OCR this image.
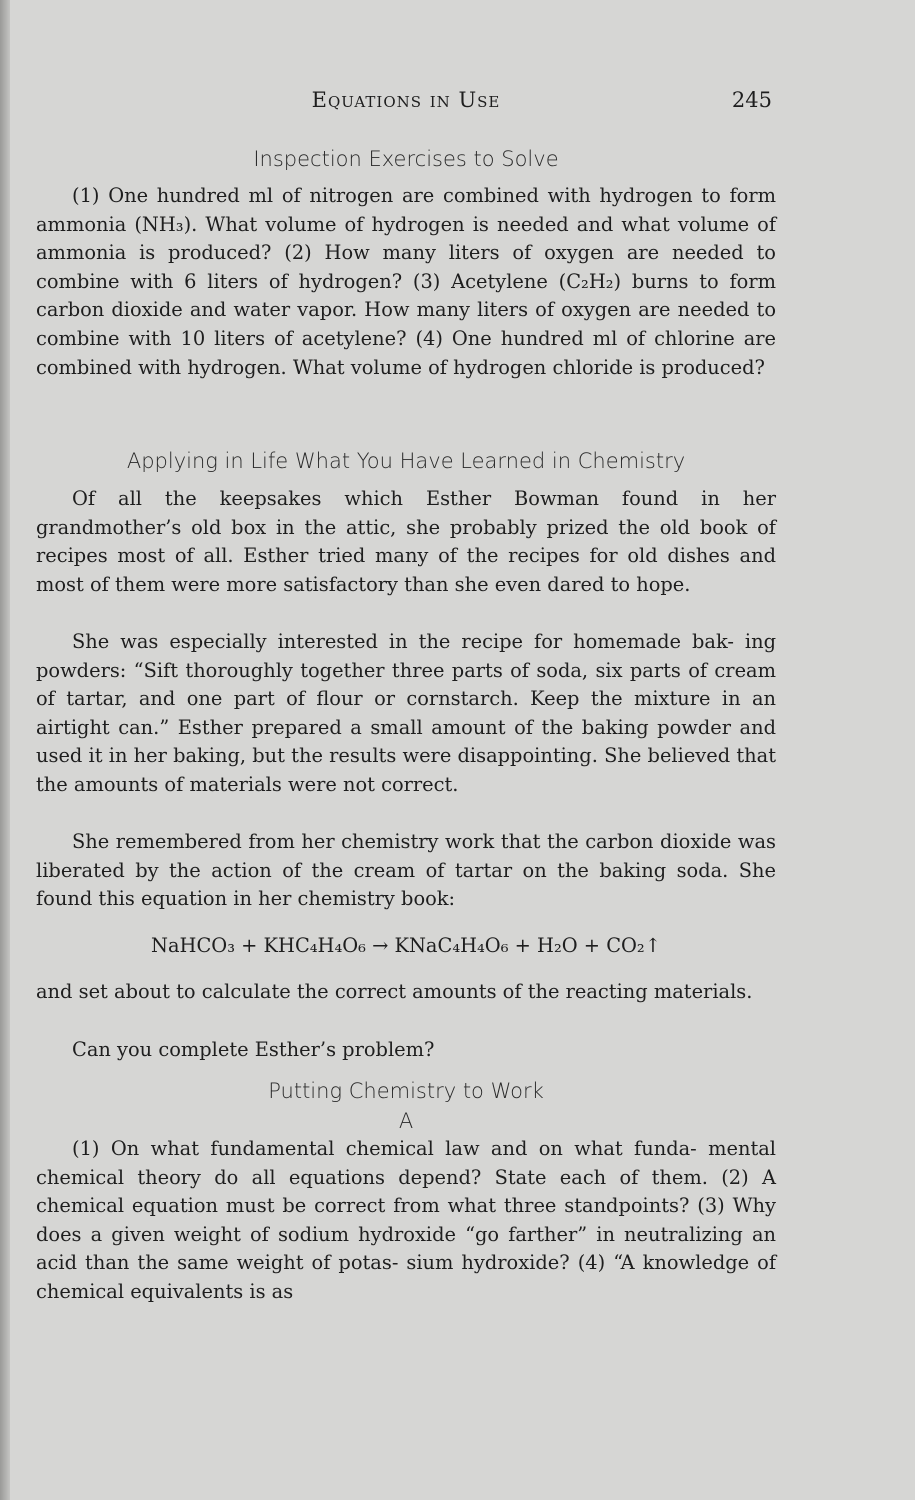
Equations in Use	245
Inspection Exercises to Solve

(1) One hundred ml of nitrogen are combined with hydrogen to form ammonia (NH₃). What volume of hydrogen is needed and what volume of ammonia is produced? (2) How many liters of oxygen are needed to combine with 6 liters of hydrogen? (3) Acetylene (C₂H₂) burns to form carbon dioxide and water vapor. How many liters of oxygen are needed to combine with 10 liters of acetylene? (4) One hundred ml of chlorine are combined with hydrogen. What volume of hydrogen chloride is produced?

Applying in Life What You Have Learned in Chemistry

Of all the keepsakes which Esther Bowman found in her grandmother’s old box in the attic, she probably prized the old book of recipes most of all. Esther tried many of the recipes for old dishes and most of them were more satisfactory than she even dared to hope.

She was especially interested in the recipe for homemade bak- ing powders: “Sift thoroughly together three parts of soda, six parts of cream of tartar, and one part of flour or cornstarch. Keep the mixture in an airtight can.” Esther prepared a small amount of the baking powder and used it in her baking, but the results were disappointing. She believed that the amounts of materials were not correct.

She remembered from her chemistry work that the carbon dioxide was liberated by the action of the cream of tartar on the baking soda. She found this equation in her chemistry book:

NaHCO₃ + KHC₄H₄O₆ → KNaC₄H₄O₆ + H₂O + CO₂↑

and set about to calculate the correct amounts of the reacting materials.

Can you complete Esther’s problem?

Putting Chemistry to Work
A

(1) On what fundamental chemical law and on what funda- mental chemical theory do all equations depend? State each of them. (2) A chemical equation must be correct from what three standpoints? (3) Why does a given weight of sodium hydroxide “go farther” in neutralizing an acid than the same weight of potas- sium hydroxide? (4) “A knowledge of chemical equivalents is as
